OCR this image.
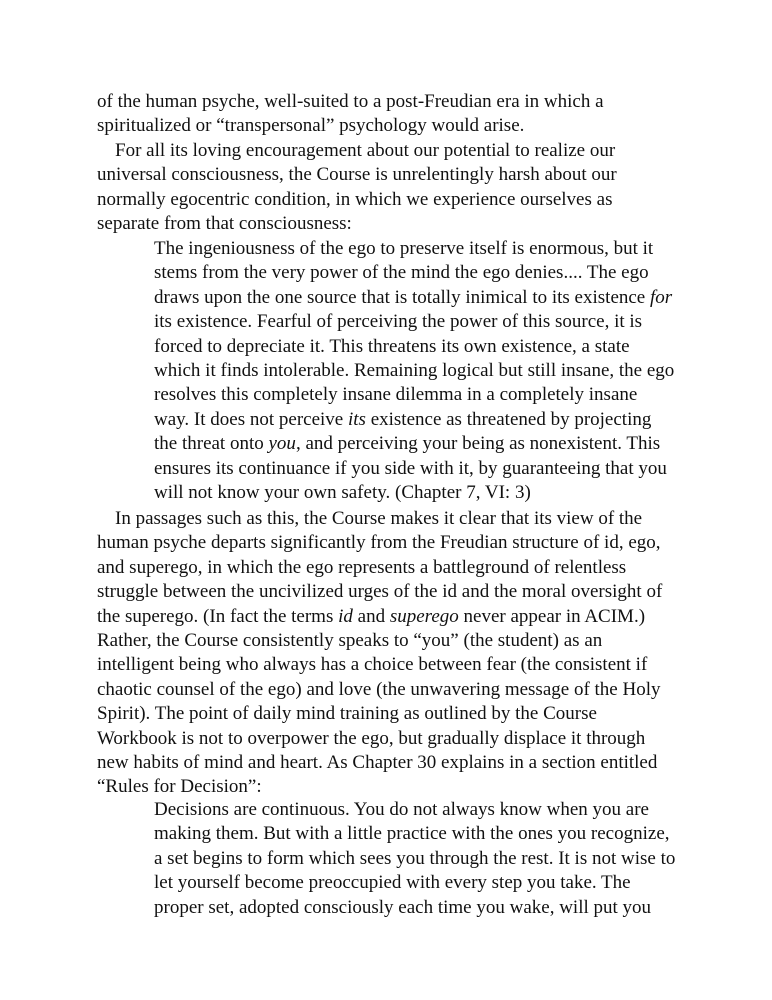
of the human psyche, well-suited to a post-Freudian era in which a
spiritualized or “transpersonal” psychology would arise.

For all its loving encouragement about our potential to realize our
universal consciousness, the Course is unrelentingly harsh about our
normally egocentric condition, in which we experience ourselves as
separate from that consciousness:

The ingeniousness of the ego to preserve itself is enormous, but it
stems from the very power of the mind the ego denies.... The ego
draws upon the one source that is totally inimical to its existence for
its existence. Fearful of perceiving the power of this source, it is
forced to depreciate it. This threatens its own existence, a state
which it finds intolerable. Remaining logical but still insane, the ego
resolves this completely insane dilemma in a completely insane
way. It does not perceive its existence as threatened by projecting
the threat onto you, and perceiving your being as nonexistent. This
ensures its continuance if you side with it, by guaranteeing that you
will not know your own safety. (Chapter 7, VI: 3)

In passages such as this, the Course makes it clear that its view of the
human psyche departs significantly from the Freudian structure of id, ego,
and superego, in which the ego represents a battleground of relentless
struggle between the uncivilized urges of the id and the moral oversight of
the superego. (In fact the terms id and superego never appear in ACIM.)
Rather, the Course consistently speaks to “you” (the student) as an
intelligent being who always has a choice between fear (the consistent if
chaotic counsel of the ego) and love (the unwavering message of the Holy
Spirit). The point of daily mind training as outlined by the Course
Workbook is not to overpower the ego, but gradually displace it through
new habits of mind and heart. As Chapter 30 explains in a section entitled
“Rules for Decision”:

Decisions are continuous. You do not always know when you are
making them. But with a little practice with the ones you recognize,
a set begins to form which sees you through the rest. It is not wise to
let yourself become preoccupied with every step you take. The
proper set, adopted consciously each time you wake, will put you
